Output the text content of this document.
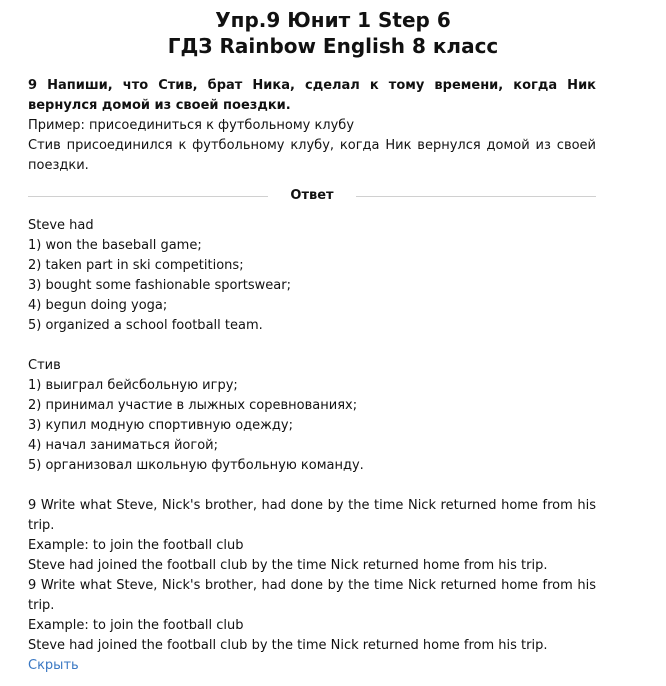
Упр.9 Юнит 1 Step 6
ГДЗ Rainbow English 8 класс

9 Напиши, что Стив, брат Ника, сделал к тому времени, когда Ник вернулся домой из своей поездки.

Пример: присоединиться к футбольному клубу

Стив присоединился к футбольному клубу, когда Ник вернулся домой из своей поездки.

Ответ

Steve had

1) won the baseball game;

2) taken part in ski competitions;

3) bought some fashionable sportswear;

4) begun doing yoga;

5) organized a school football team.

Стив

1) выиграл бейсбольную игру;

2) принимал участие в лыжных соревнованиях;

3) купил модную спортивную одежду;

4) начал заниматься йогой;

5) организовал школьную футбольную команду.

9 Write what Steve, Nick's brother, had done by the time Nick returned home from his trip.

Example: to join the football club

Steve had joined the football club by the time Nick returned home from his trip.

9 Write what Steve, Nick's brother, had done by the time Nick returned home from his trip.

Example: to join the football club

Steve had joined the football club by the time Nick returned home from his trip.

Скрыть
